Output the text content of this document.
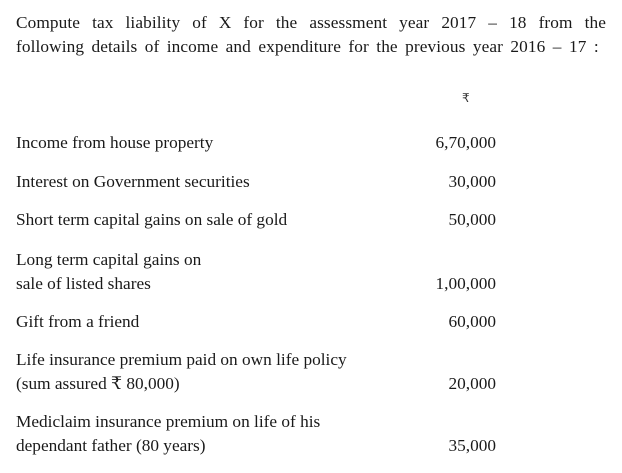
Compute tax liability of X for the assessment year 2017 – 18 from the following details of income and expenditure for the previous year 2016 – 17 :
₹
Income from house property	6,70,000
Interest on Government securities	30,000
Short term capital gains on sale of gold	50,000
Long term capital gains on
sale of listed shares	1,00,000
Gift from a friend	60,000
Life insurance premium paid on own life policy
(sum assured ₹ 80,000)	20,000
Mediclaim insurance premium on life of his
dependant father (80 years)	35,000
